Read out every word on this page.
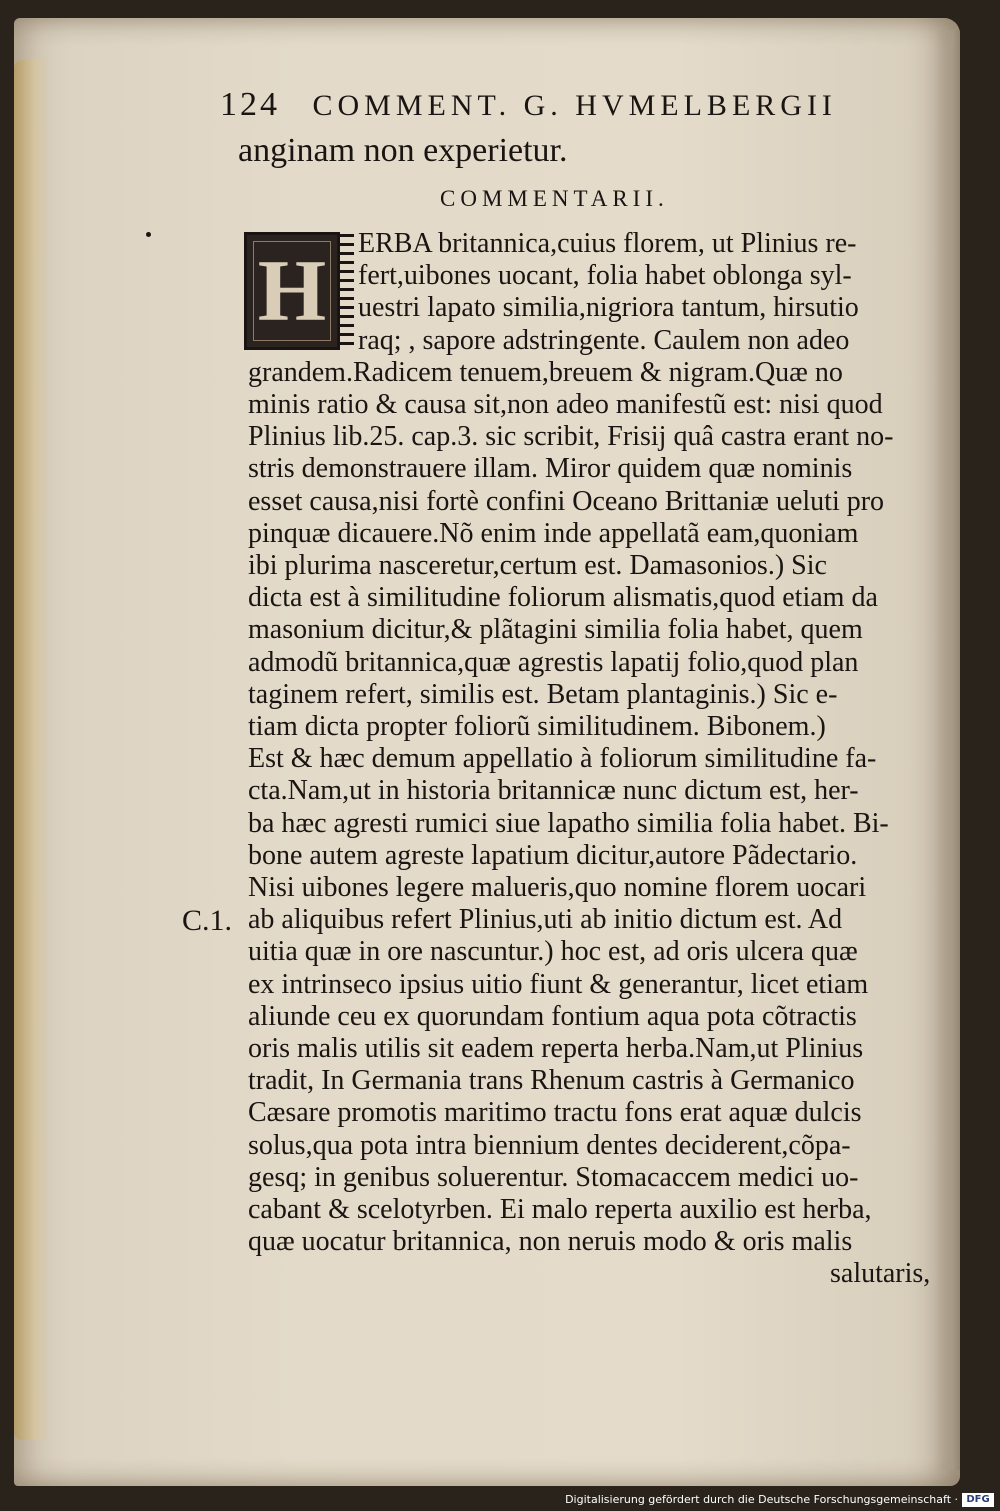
124 COMMENT. G. HVMELBERGII
anginam non experietur.
COMMENTARII.
H ERBA britannica,cuius florem, ut Plinius re-
fert,uibones uocant, folia habet oblonga syl-
uestri lapato similia,nigriora tantum, hirsutio
raq; , sapore adstringente. Caulem non adeo
grandem.Radicem tenuem,breuem & nigram.Quæ no
minis ratio & causa sit,non adeo manifestũ est: nisi quod
Plinius lib.25. cap.3. sic scribit, Frisij quâ castra erant no-
stris demonstrauere illam. Miror quidem quæ nominis
esset causa,nisi fortè confini Oceano Brittaniæ ueluti pro
pinquæ dicauere.Nõ enim inde appellatã eam,quoniam
ibi plurima nasceretur,certum est. Damasonios.) Sic
dicta est à similitudine foliorum alismatis,quod etiam da
masonium dicitur,& plãtagini similia folia habet, quem
admodũ britannica,quæ agrestis lapatij folio,quod plan
taginem refert, similis est. Betam plantaginis.) Sic e-
tiam dicta propter foliorũ similitudinem. Bibonem.)
Est & hæc demum appellatio à foliorum similitudine fa-
cta.Nam,ut in historia britannicæ nunc dictum est, her-
ba hæc agresti rumici siue lapatho similia folia habet. Bi-
bone autem agreste lapatium dicitur,autore Pãdectario.
Nisi uibones legere malueris,quo nomine florem uocari
ab aliquibus refert Plinius,uti ab initio dictum est. Ad
uitia quæ in ore nascuntur.) hoc est, ad oris ulcera quæ
ex intrinseco ipsius uitio fiunt & generantur, licet etiam
aliunde ceu ex quorundam fontium aqua pota cõtractis
oris malis utilis sit eadem reperta herba.Nam,ut Plinius
tradit, In Germania trans Rhenum castris à Germanico
Cæsare promotis maritimo tractu fons erat aquæ dulcis
solus,qua pota intra biennium dentes deciderent,cõpa-
gesq; in genibus soluerentur. Stomacaccem medici uo-
cabant & scelotyrben. Ei malo reperta auxilio est herba,
quæ uocatur britannica, non neruis modo & oris malis
salutaris,
C.1.
Digitalisierung gefördert durch die Deutsche Forschungsgemeinschaft · DFG
